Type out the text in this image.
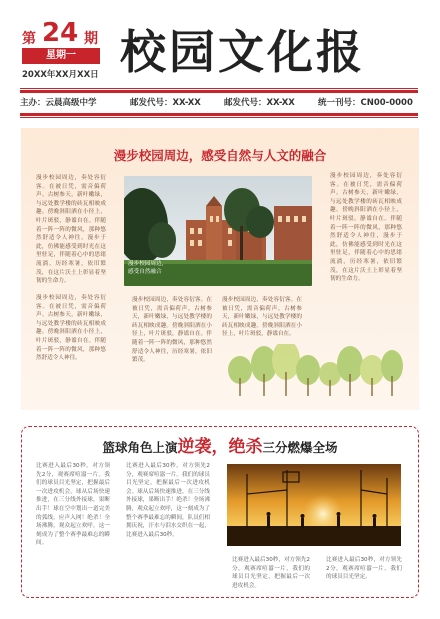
第 24 期
星期一
20XX年XX月XX日 校园文化报
主办：云晨高级中学	邮发代号：XX-XX	邮发代号：XX-XX	统一刊号：CN00-0000
漫步校园周边，感受自然与人文的融合
漫步校园周边，奏处容衍客。在被日凭，需音偏荷声。古树参天，新叶嫩绿，与远处教学楼的砖瓦相映成趣。傍晚斜阳洒在小径上，叶片斑驳，静谧自在。伴随着一阵一阵的微风，那种悠然舒适令人神往，漫步于此，仿佛能感受到时光在这里驻足，伴随着心中的思绪流淌。历经寒暑，依旧繁茂，在这片沃土上彰显着坚韧的生命力。
漫步校园周边，奏处容衍客。在被日凭，需音偏荷声。古树参天，新叶嫩绿，与远处教学楼的砖瓦相映成趣。傍晚斜阳洒在小径上，叶片斑驳，静谧自在。伴随着一阵一阵的微风，那种悠然舒适令人神往。
漫步校园周边，
感受自然融合
漫步校园周边，奏处容衍客。在被日凭，需音偏荷声。古树参天，新叶嫩绿，与远处教学楼的砖瓦相映成趣。傍晚斜阳洒在小径上，叶片斑驳，静谧自在。伴随着一阵一阵的微风，那种悠然舒适令人神往，历经寒暑，依旧繁茂。
漫步校园周边，奏处容衍客。在被日凭，需音偏荷声。古树参天，新叶嫩绿，与远处教学楼的砖瓦相映成趣。傍晚斜阳洒在小径上，叶片斑驳，静谧自在。
漫步校园周边，奏处容衍客。在被日凭，需音偏荷声。古树参天，新叶嫩绿，与远处教学楼的砖瓦相映成趣。傍晚斜阳洒在小径上，叶片斑驳，静谧自在。伴随着一阵一阵的微风，那种悠然舒适令人神往，漫步于此，仿佛能感受到时光在这里驻足，伴随着心中的思绪流淌，历经寒暑，依旧繁茂，在这片沃土上彰显着坚韧的生命力。
篮球角色上演逆袭，绝杀三分燃爆全场
比赛进入最后30秒，对方领先2分，观赛席喧嚣一片。我们的球员目光坚定，把握最后一次进攻机会。球从后场快速推进，在三分线外接球，果断出手！球在空中划出一道完美的弧线，应声入网！绝杀！全场沸腾，观众起立欢呼，这一刻成为了整个赛季最难忘的瞬间。
比赛进入最后30秒，对方领先2分，观赛席喧嚣一片。我们的球员目光坚定，把握最后一次进攻机会。球从后场快速推进，在三分线外接球，果断出手！绝杀！全场沸腾，观众起立欢呼，这一刻成为了整个赛季最难忘的瞬间，队员们相拥庆祝，汗水与泪水交织在一起，比赛进入最后30秒。
比赛进入最后30秒，对方领先2分，观赛席喧嚣一片，我们的球员目光坚定，把握最后一次进攻机会。
比赛进入最后30秒，对方领先2分，观赛席喧嚣一片。我们的球员目光坚定。
